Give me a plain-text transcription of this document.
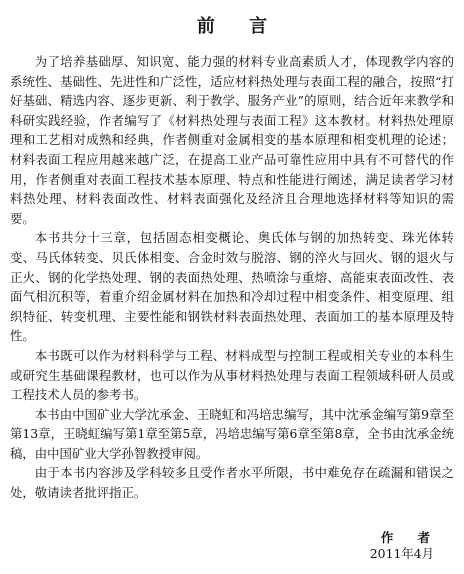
前 言

为了培养基础厚、知识宽、能力强的材料专业高素质人才，体现教学内容的系统性、基础性、先进性和广泛性，适应材料热处理与表面工程的融合，按照“打好基础、精选内容、逐步更新、利于教学、服务产业”的原则，结合近年来教学和科研实践经验，作者编写了《材料热处理与表面工程》这本教材。材料热处理原理和工艺相对成熟和经典，作者侧重对金属相变的基本原理和相变机理的论述；材料表面工程应用越来越广泛，在提高工业产品可靠性应用中具有不可替代的作用，作者侧重对表面工程技术基本原理、特点和性能进行阐述，满足读者学习材料热处理、材料表面改性、材料表面强化及经济且合理地选择材料等知识的需要。

本书共分十三章，包括固态相变概论、奥氏体与钢的加热转变、珠光体转变、马氏体转变、贝氏体相变、合金时效与脱溶、钢的淬火与回火、钢的退火与正火、钢的化学热处理、钢的表面热处理、热喷涂与重熔、高能束表面改性、表面气相沉积等，着重介绍金属材料在加热和冷却过程中相变条件、相变原理、组织特征、转变机理、主要性能和钢铁材料表面热处理、表面加工的基本原理及特性。

本书既可以作为材料科学与工程、材料成型与控制工程或相关专业的本科生或研究生基础课程教材，也可以作为从事材料热处理与表面工程领域科研人员或工程技术人员的参考书。

本书由中国矿业大学沈承金、王晓虹和冯培忠编写，其中沈承金编写第9章至第13章，王晓虹编写第1章至第5章，冯培忠编写第6章至第8章，全书由沈承金统稿，由中国矿业大学孙智教授审阅。

由于本书内容涉及学科较多且受作者水平所限，书中难免存在疏漏和错误之处，敬请读者批评指正。

作 者
2011年4月
